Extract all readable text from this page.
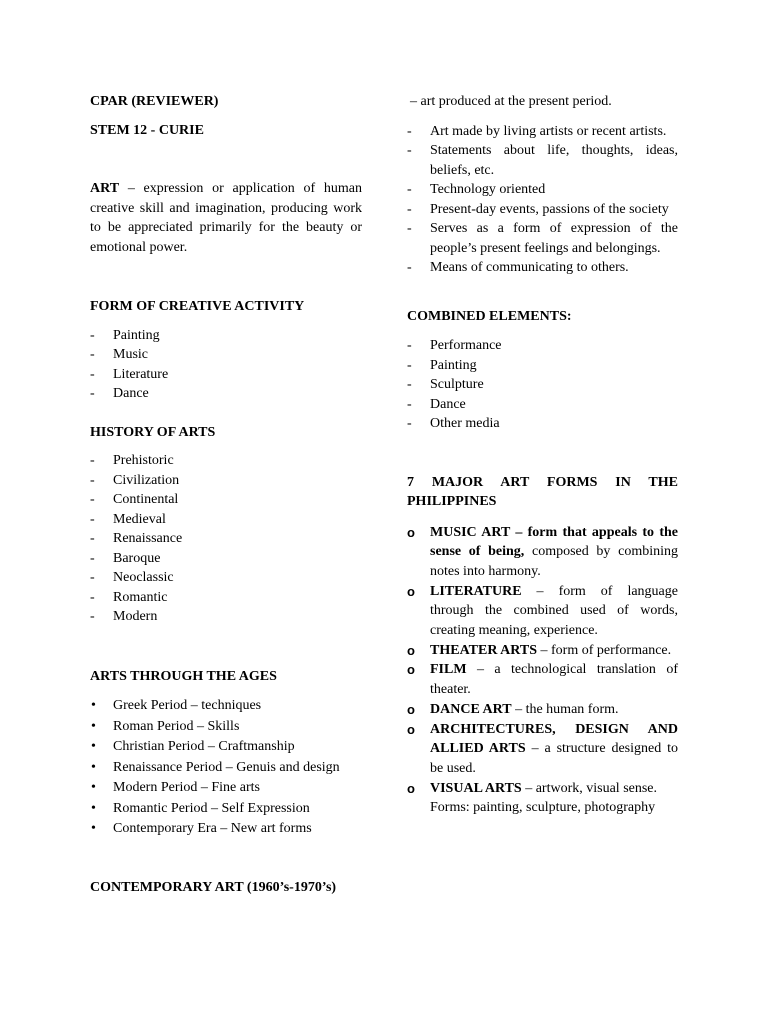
CPAR (REVIEWER)

STEM 12 - CURIE

ART – expression or application of human creative skill and imagination, producing work to be appreciated primarily for the beauty or emotional power.

FORM OF CREATIVE ACTIVITY

- Painting
- Music
- Literature
- Dance

HISTORY OF ARTS

- Prehistoric
- Civilization
- Continental
- Medieval
- Renaissance
- Baroque
- Neoclassic
- Romantic
- Modern

ARTS THROUGH THE AGES

• Greek Period – techniques
• Roman Period – Skills
• Christian Period – Craftmanship
• Renaissance Period – Genuis and design
• Modern Period – Fine arts
• Romantic Period – Self Expression
• Contemporary Era – New art forms

CONTEMPORARY ART (1960’s-1970’s)

– art produced at the present period.

- Art made by living artists or recent artists.
- Statements about life, thoughts, ideas, beliefs, etc.
- Technology oriented
- Present-day events, passions of the society
- Serves as a form of expression of the people’s present feelings and belongings.
- Means of communicating to others.

COMBINED ELEMENTS:

- Performance
- Painting
- Sculpture
- Dance
- Other media

7 MAJOR ART FORMS IN THE PHILIPPINES

o MUSIC ART – form that appeals to the sense of being, composed by combining notes into harmony.
o LITERATURE – form of language through the combined used of words, creating meaning, experience.
o THEATER ARTS – form of performance.
o FILM – a technological translation of theater.
o DANCE ART – the human form.
o ARCHITECTURES, DESIGN AND ALLIED ARTS – a structure designed to be used.
o VISUAL ARTS – artwork, visual sense. Forms: painting, sculpture, photography
